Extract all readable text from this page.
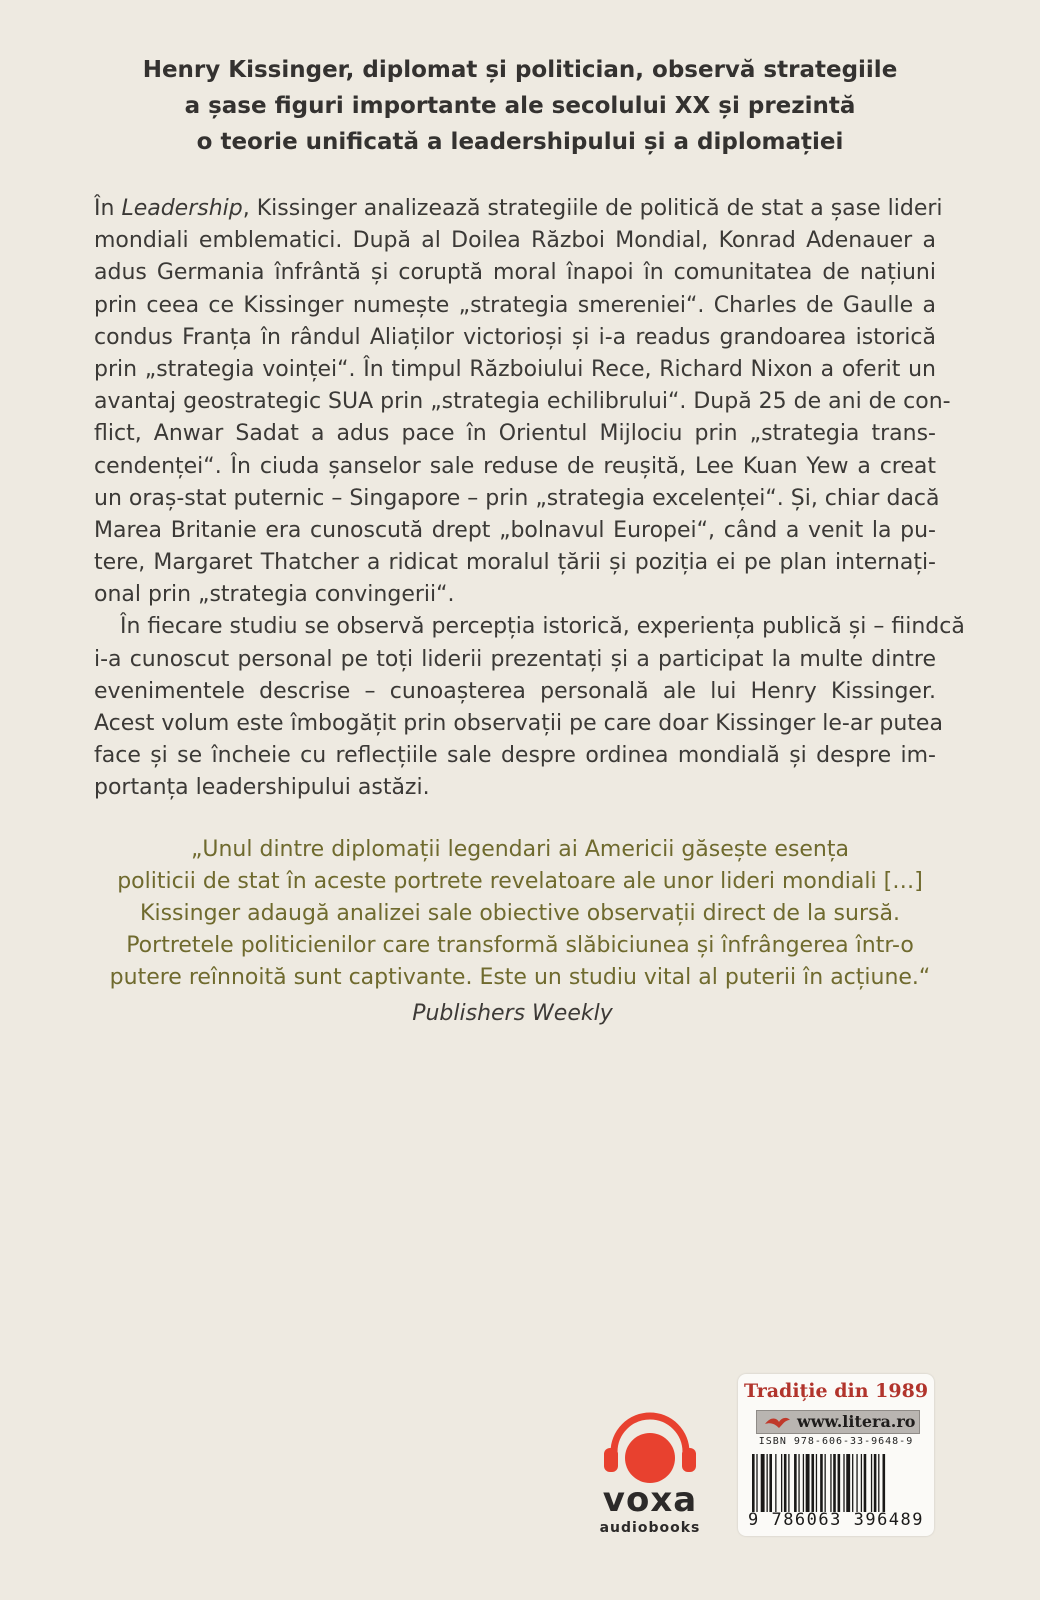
Henry Kissinger, diplomat și politician, observă strategiile
a șase figuri importante ale secolului XX și prezintă
o teorie unificată a leadershipului și a diplomației
În Leadership, Kissinger analizează strategiile de politică de stat a șase lideri
mondiali emblematici. După al Doilea Război Mondial, Konrad Adenauer a
adus Germania înfrântă și coruptă moral înapoi în comunitatea de națiuni
prin ceea ce Kissinger numește „strategia smereniei“. Charles de Gaulle a
condus Franța în rândul Aliaților victorioși și i-a readus grandoarea istorică
prin „strategia voinței“. În timpul Războiului Rece, Richard Nixon a oferit un
avantaj geostrategic SUA prin „strategia echilibrului“. După 25 de ani de con-
flict, Anwar Sadat a adus pace în Orientul Mijlociu prin „strategia trans-
cendenței“. În ciuda șanselor sale reduse de reușită, Lee Kuan Yew a creat
un oraș-stat puternic – Singapore – prin „strategia excelenței“. Și, chiar dacă
Marea Britanie era cunoscută drept „bolnavul Europei“, când a venit la pu-
tere, Margaret Thatcher a ridicat moralul țării și poziția ei pe plan internați-
onal prin „strategia convingerii“.
În fiecare studiu se observă percepția istorică, experiența publică și – fiindcă
i-a cunoscut personal pe toți liderii prezentați și a participat la multe dintre
evenimentele descrise – cunoașterea personală ale lui Henry Kissinger.
Acest volum este îmbogățit prin observații pe care doar Kissinger le-ar putea
face și se încheie cu reflecțiile sale despre ordinea mondială și despre im-
portanța leadershipului astăzi.
„Unul dintre diplomații legendari ai Americii găsește esența
politicii de stat în aceste portrete revelatoare ale unor lideri mondiali […]
Kissinger adaugă analizei sale obiective observații direct de la sursă.
Portretele politicienilor care transformă slăbiciunea și înfrângerea într-o
putere reînnoită sunt captivante. Este un studiu vital al puterii în acțiune.“
Publishers Weekly
voxa
audiobooks
Tradiție din 1989
www.litera.ro
ISBN 978-606-33-9648-9
9 786063 396489
